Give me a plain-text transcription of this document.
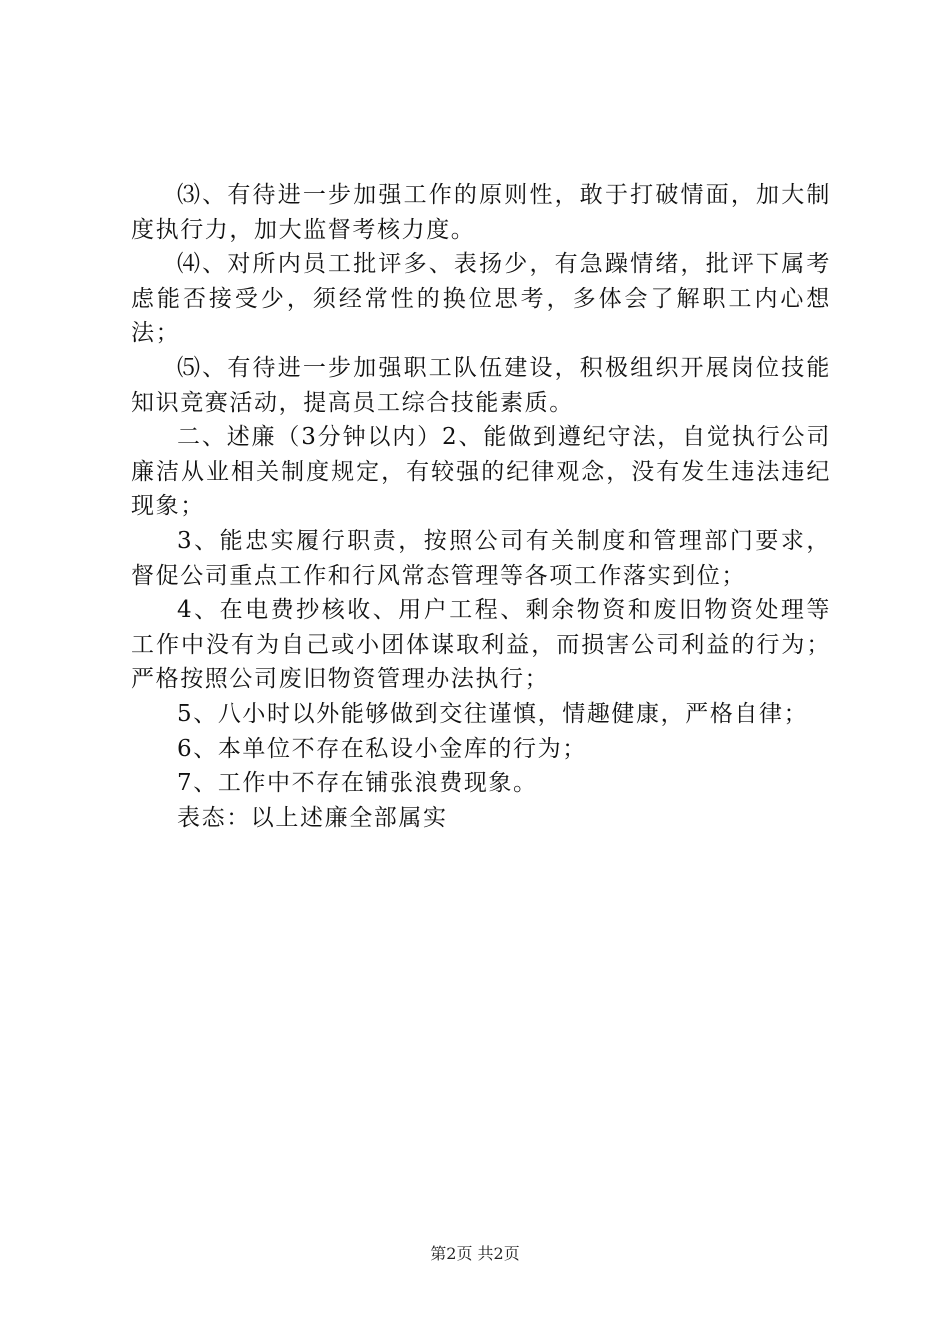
⑶、有待进一步加强工作的原则性，敢于打破情面，加大制度执行力，加大监督考核力度。

⑷、对所内员工批评多、表扬少，有急躁情绪，批评下属考虑能否接受少，须经常性的换位思考，多体会了解职工内心想法；

⑸、有待进一步加强职工队伍建设，积极组织开展岗位技能知识竞赛活动，提高员工综合技能素质。

二、述廉（3分钟以内）2、能做到遵纪守法，自觉执行公司廉洁从业相关制度规定，有较强的纪律观念，没有发生违法违纪现象；

3、能忠实履行职责，按照公司有关制度和管理部门要求，督促公司重点工作和行风常态管理等各项工作落实到位；

4、在电费抄核收、用户工程、剩余物资和废旧物资处理等工作中没有为自己或小团体谋取利益，而损害公司利益的行为；严格按照公司废旧物资管理办法执行；

5、八小时以外能够做到交往谨慎，情趣健康，严格自律；

6、本单位不存在私设小金库的行为；

7、工作中不存在铺张浪费现象。

表态：以上述廉全部属实

第2页 共2页
